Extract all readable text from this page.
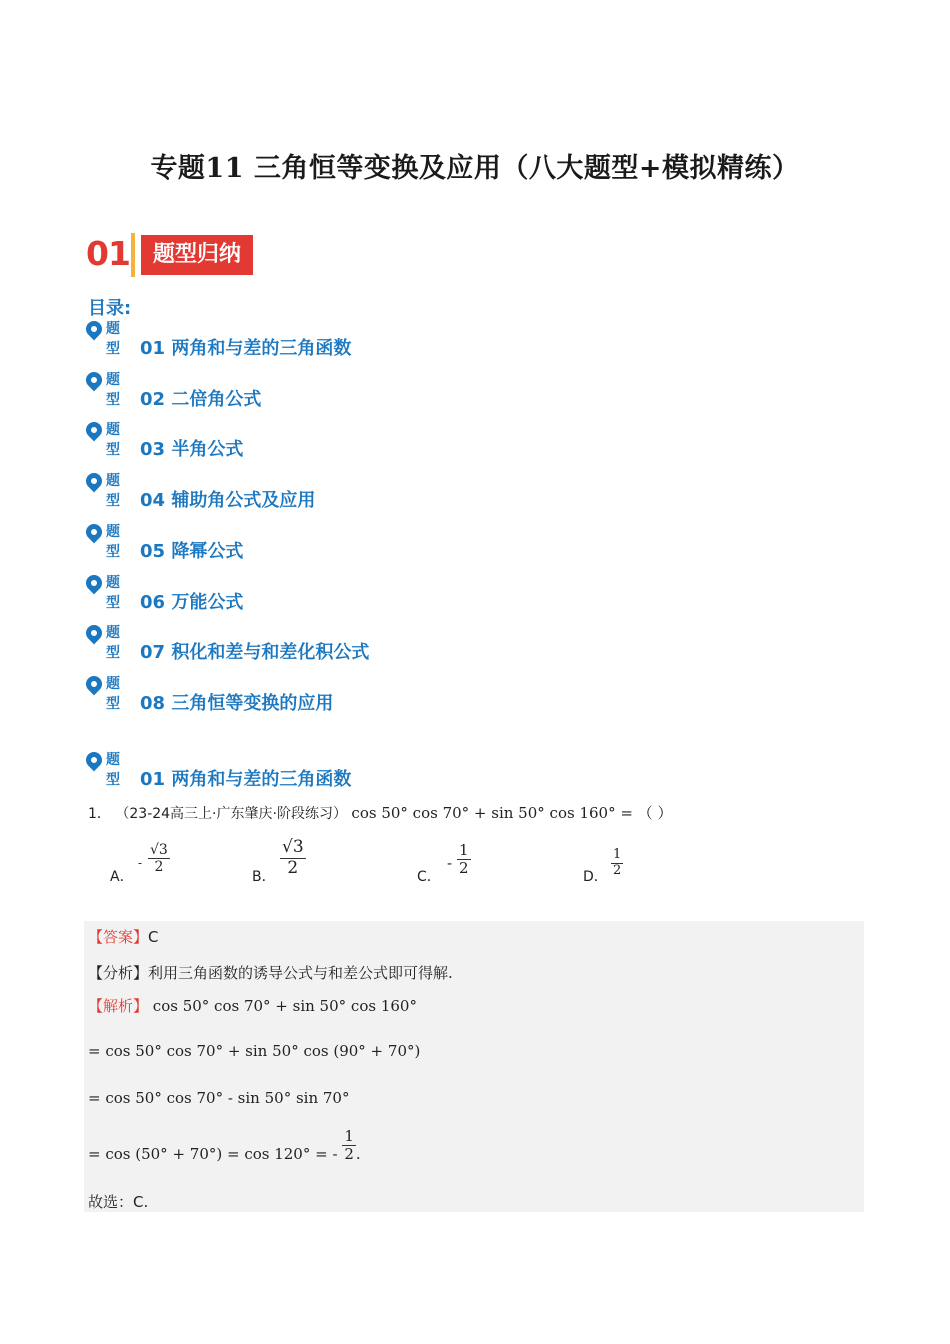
专题11 三角恒等变换及应用（八大题型+模拟精练）
01	题型归纳
目录:
题型 01 两角和与差的三角函数
题型 02 二倍角公式
题型 03 半角公式
题型 04 辅助角公式及应用
题型 05 降幂公式
题型 06 万能公式
题型 07 积化和差与和差化积公式
题型 08 三角恒等变换的应用
题型 01 两角和与差的三角函数
1． （23-24高三上·广东肇庆·阶段练习） cos 50° cos 70° + sin 50° cos 160° = （ ）
A．
- $\frac{√3}{2}$
B． $\frac{√3}{2}$	C．
- $\frac{1}{2}$	D． $\frac{1}{2}$
【答案】C
【分析】利用三角函数的诱导公式与和差公式即可得解.
【解析】 cos 50° cos 70° + sin 50° cos 160°
= cos 50° cos 70° + sin 50° cos (90° + 70°)
= cos 50° cos 70° - sin 50° sin 70°
= cos (50° + 70°) = cos 120° = - $\frac{1}{2}$ .
故选：C.
